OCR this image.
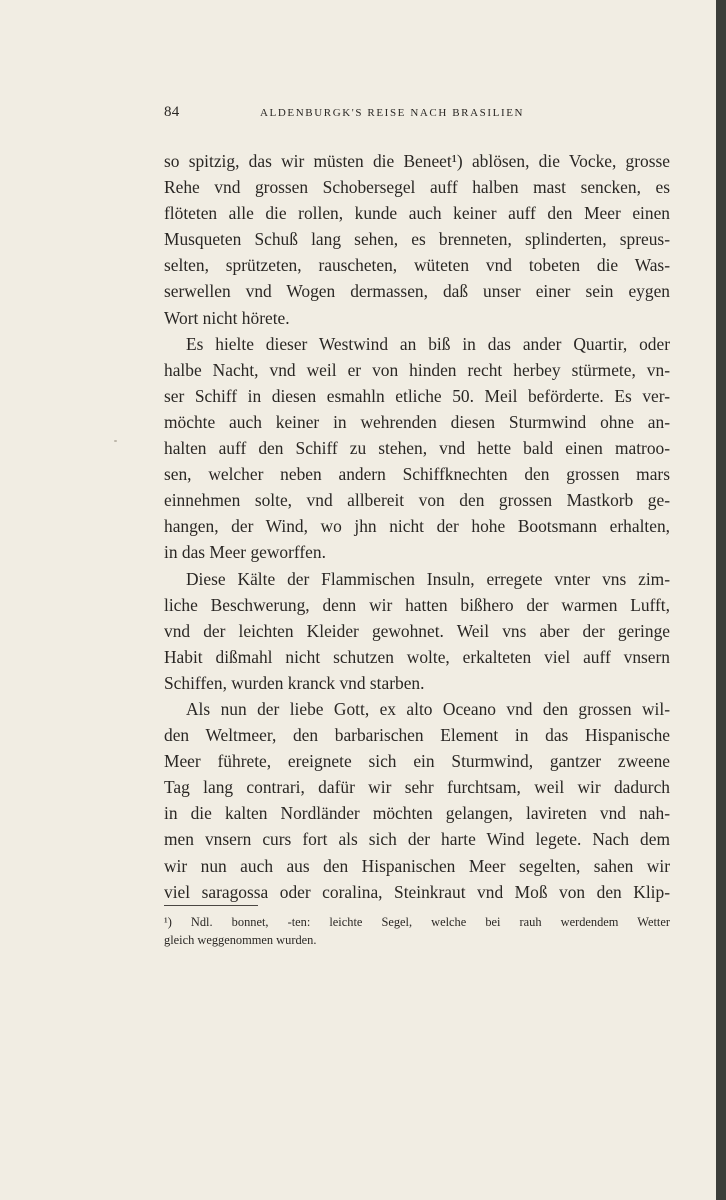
84	ALDENBURGK'S REISE NACH BRASILIEN
so spitzig, das wir müsten die Beneet¹) ablösen, die Vocke, grosse
Rehe vnd grossen Schobersegel auff halben mast sencken, es
flöteten alle die rollen, kunde auch keiner auff den Meer einen
Musqueten Schuß lang sehen, es brenneten, splinderten, spreus-
selten, sprützeten, rauscheten, wüteten vnd tobeten die Was-
serwellen vnd Wogen dermassen, daß unser einer sein eygen
Wort nicht hörete.
Es hielte dieser Westwind an biß in das ander Quartir, oder
halbe Nacht, vnd weil er von hinden recht herbey stürmete, vn-
ser Schiff in diesen esmahln etliche 50. Meil beförderte. Es ver-
möchte auch keiner in wehrenden diesen Sturmwind ohne an-
halten auff den Schiff zu stehen, vnd hette bald einen matroo-
sen, welcher neben andern Schiffknechten den grossen mars
einnehmen solte, vnd allbereit von den grossen Mastkorb ge-
hangen, der Wind, wo jhn nicht der hohe Bootsmann erhalten,
in das Meer geworffen.
Diese Kälte der Flammischen Insuln, erregete vnter vns zim-
liche Beschwerung, denn wir hatten bißhero der warmen Lufft,
vnd der leichten Kleider gewohnet. Weil vns aber der geringe
Habit dißmahl nicht schutzen wolte, erkalteten viel auff vnsern
Schiffen, wurden kranck vnd starben.
Als nun der liebe Gott, ex alto Oceano vnd den grossen wil-
den Weltmeer, den barbarischen Element in das Hispanische
Meer führete, ereignete sich ein Sturmwind, gantzer zweene
Tag lang contrari, dafür wir sehr furchtsam, weil wir dadurch
in die kalten Nordländer möchten gelangen, lavireten vnd nah-
men vnsern curs fort als sich der harte Wind legete. Nach dem
wir nun auch aus den Hispanischen Meer segelten, sahen wir
viel saragossa oder coralina, Steinkraut vnd Moß von den Klip-
¹) Ndl. bonnet, -ten: leichte Segel, welche bei rauh werdendem Wetter
gleich weggenommen wurden.
